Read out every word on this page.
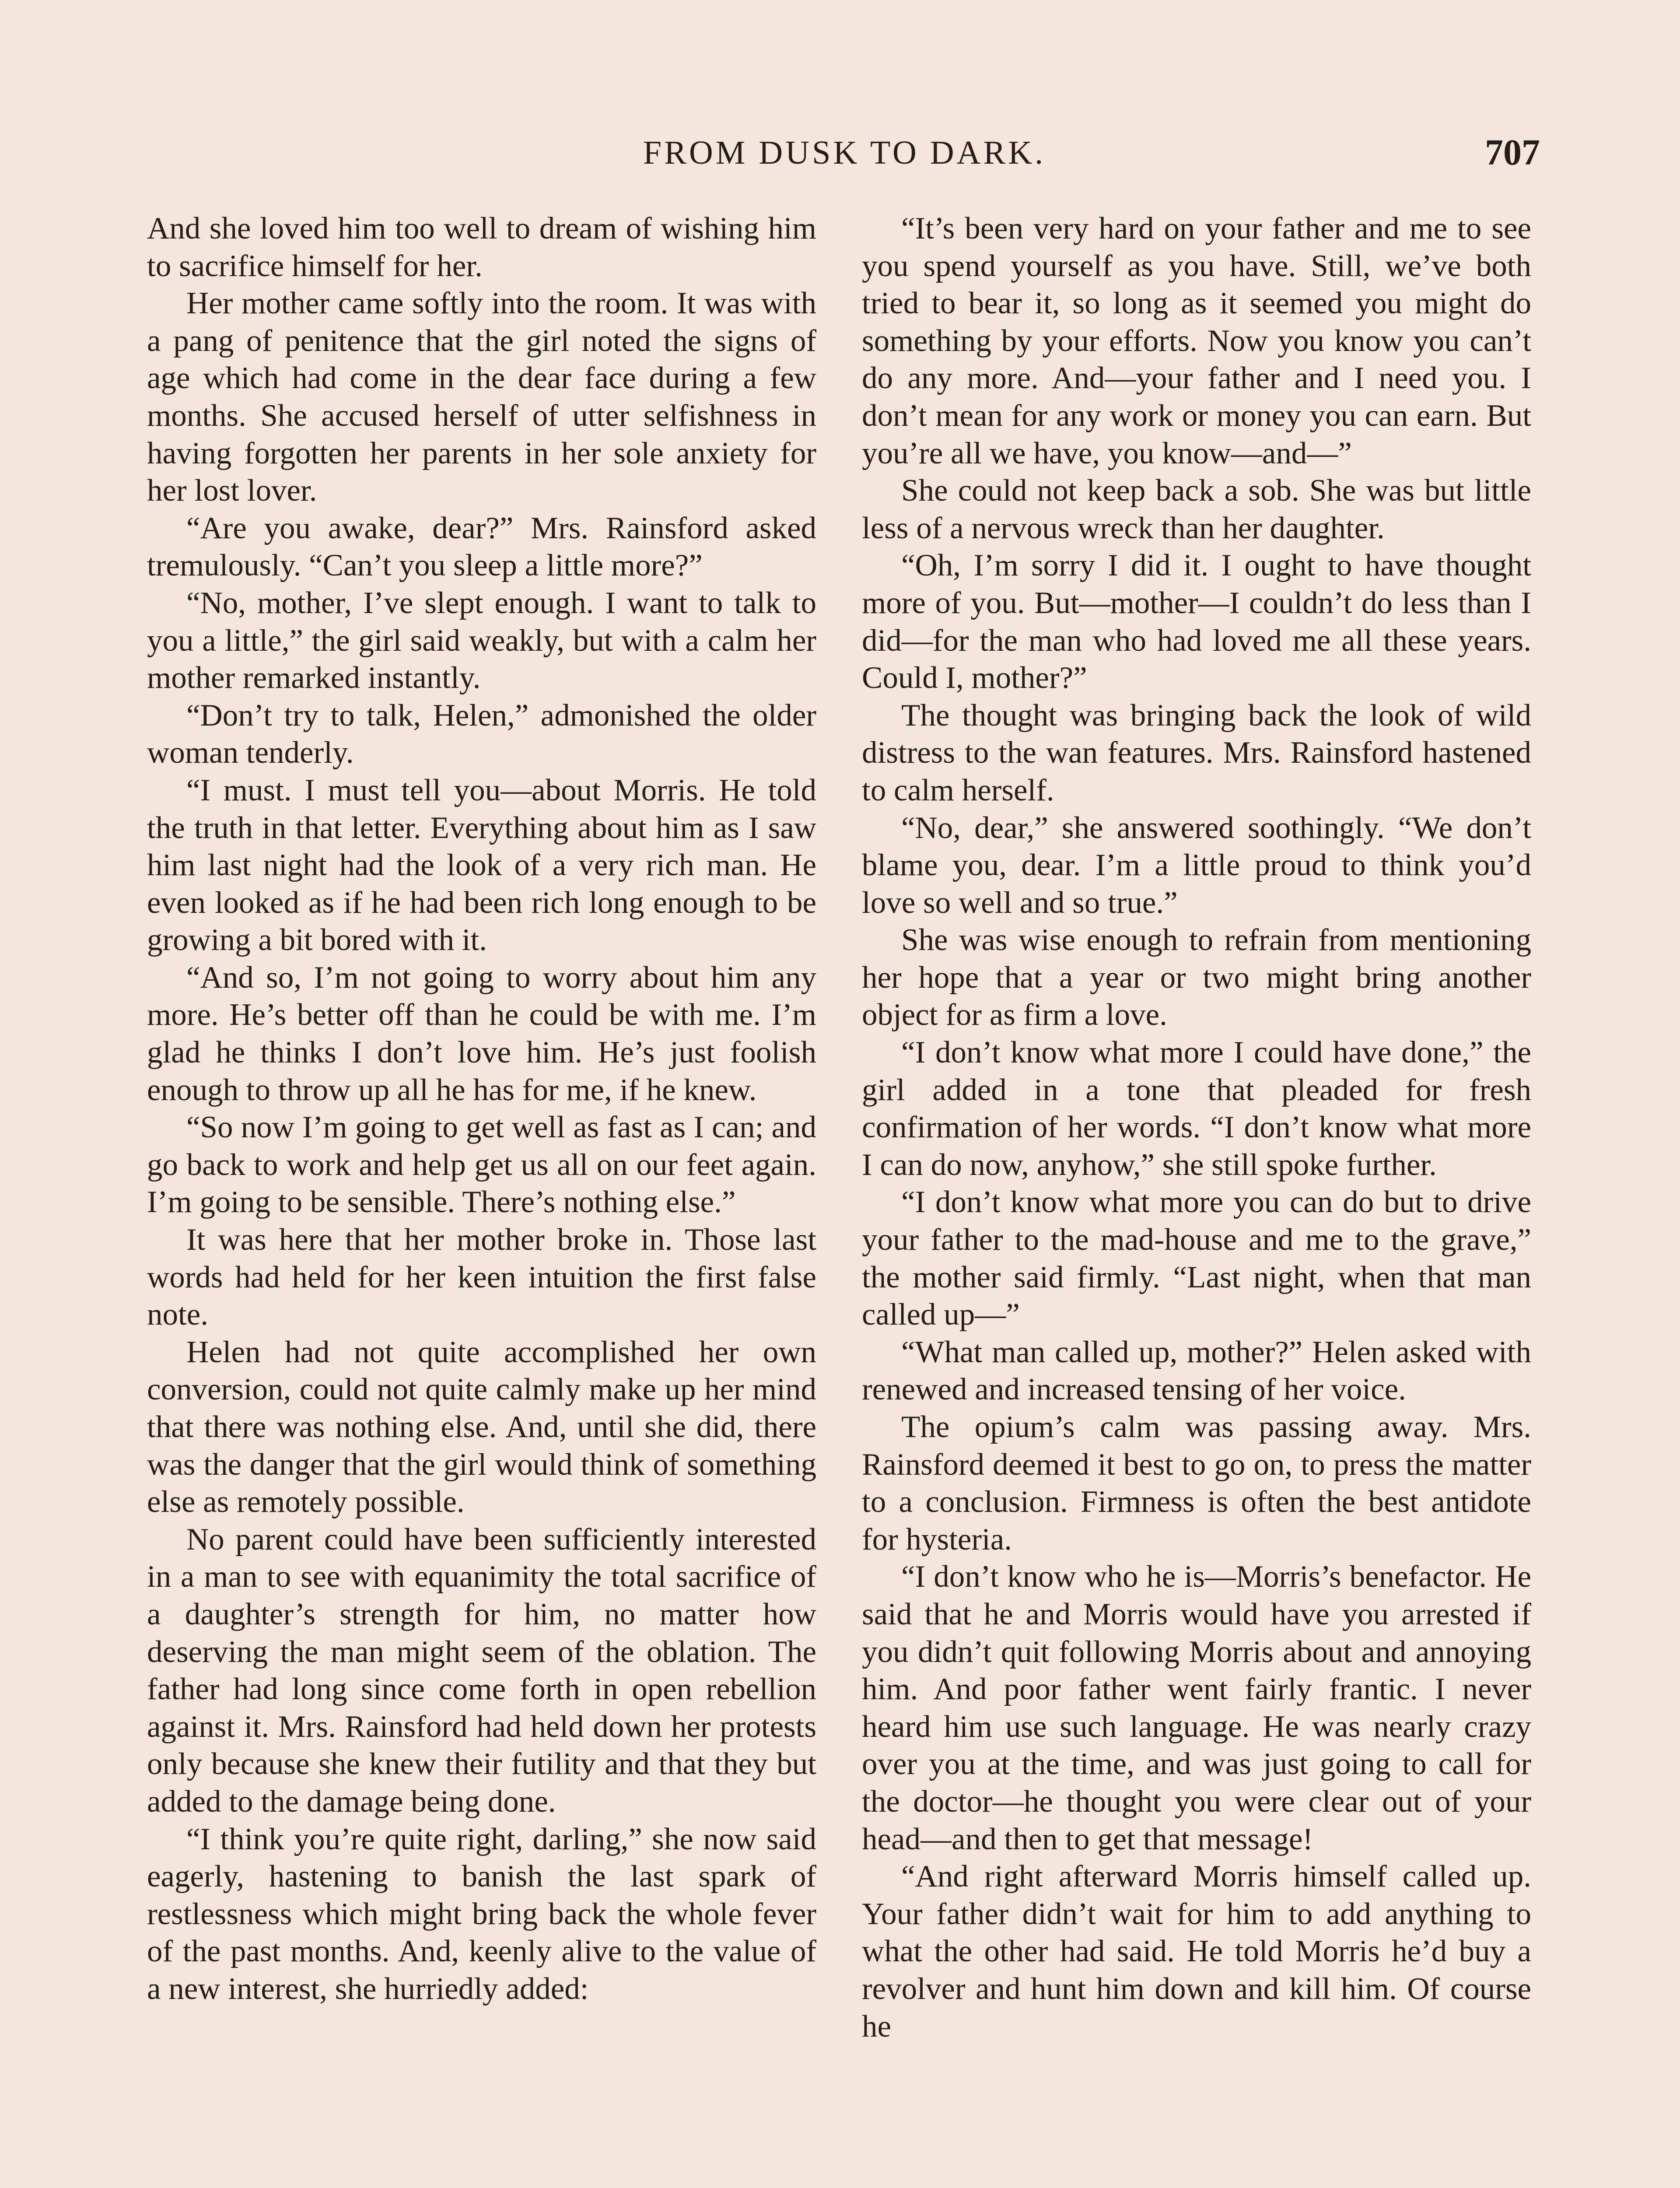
FROM DUSK TO DARK.	707

And she loved him too well to dream of wishing him to sacrifice himself for her.

Her mother came softly into the room. It was with a pang of penitence that the girl noted the signs of age which had come in the dear face during a few months. She accused herself of utter selfishness in having forgotten her parents in her sole anxiety for her lost lover.

“Are you awake, dear?” Mrs. Rainsford asked tremulously. “Can’t you sleep a little more?”

“No, mother, I’ve slept enough. I want to talk to you a little,” the girl said weakly, but with a calm her mother remarked instantly.

“Don’t try to talk, Helen,” admonished the older woman tenderly.

“I must. I must tell you—about Morris. He told the truth in that letter. Everything about him as I saw him last night had the look of a very rich man. He even looked as if he had been rich long enough to be growing a bit bored with it.

“And so, I’m not going to worry about him any more. He’s better off than he could be with me. I’m glad he thinks I don’t love him. He’s just foolish enough to throw up all he has for me, if he knew.

“So now I’m going to get well as fast as I can; and go back to work and help get us all on our feet again. I’m going to be sensible. There’s nothing else.”

It was here that her mother broke in. Those last words had held for her keen intuition the first false note.

Helen had not quite accomplished her own conversion, could not quite calmly make up her mind that there was nothing else. And, until she did, there was the danger that the girl would think of something else as remotely possible.

No parent could have been sufficiently interested in a man to see with equanimity the total sacrifice of a daughter’s strength for him, no matter how deserving the man might seem of the oblation. The father had long since come forth in open rebellion against it. Mrs. Rainsford had held down her protests only because she knew their futility and that they but added to the damage being done.

“I think you’re quite right, darling,” she now said eagerly, hastening to banish the last spark of restlessness which might bring back the whole fever of the past months. And, keenly alive to the value of a new interest, she hurriedly added:

“It’s been very hard on your father and me to see you spend yourself as you have. Still, we’ve both tried to bear it, so long as it seemed you might do something by your efforts. Now you know you can’t do any more. And—your father and I need you. I don’t mean for any work or money you can earn. But you’re all we have, you know—and—”

She could not keep back a sob. She was but little less of a nervous wreck than her daughter.

“Oh, I’m sorry I did it. I ought to have thought more of you. But—mother—I couldn’t do less than I did—for the man who had loved me all these years. Could I, mother?”

The thought was bringing back the look of wild distress to the wan features. Mrs. Rainsford hastened to calm herself.

“No, dear,” she answered soothingly. “We don’t blame you, dear. I’m a little proud to think you’d love so well and so true.”

She was wise enough to refrain from mentioning her hope that a year or two might bring another object for as firm a love.

“I don’t know what more I could have done,” the girl added in a tone that pleaded for fresh confirmation of her words. “I don’t know what more I can do now, anyhow,” she still spoke further.

“I don’t know what more you can do but to drive your father to the mad-house and me to the grave,” the mother said firmly. “Last night, when that man called up—”

“What man called up, mother?” Helen asked with renewed and increased tensing of her voice.

The opium’s calm was passing away. Mrs. Rainsford deemed it best to go on, to press the matter to a conclusion. Firmness is often the best antidote for hysteria.

“I don’t know who he is—Morris’s benefactor. He said that he and Morris would have you arrested if you didn’t quit following Morris about and annoying him. And poor father went fairly frantic. I never heard him use such language. He was nearly crazy over you at the time, and was just going to call for the doctor—he thought you were clear out of your head—and then to get that message!

“And right afterward Morris himself called up. Your father didn’t wait for him to add anything to what the other had said. He told Morris he’d buy a revolver and hunt him down and kill him. Of course he
